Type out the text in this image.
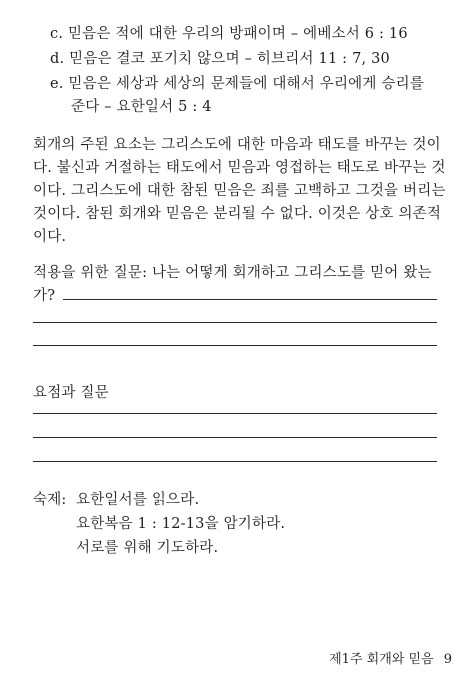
c. 믿음은 적에 대한 우리의 방패이며 – 에베소서 6 : 16
d. 믿음은 결코 포기치 않으며 – 히브리서 11 : 7, 30
e. 믿음은 세상과 세상의 문제들에 대해서 우리에게 승리를
준다 – 요한일서 5 : 4
회개의 주된 요소는 그리스도에 대한 마음과 태도를 바꾸는 것이
다. 불신과 거절하는 태도에서 믿음과 영접하는 태도로 바꾸는 것
이다. 그리스도에 대한 참된 믿음은 죄를 고백하고 그것을 버리는
것이다. 참된 회개와 믿음은 분리될 수 없다. 이것은 상호 의존적
이다.
적용을 위한 질문: 나는 어떻게 회개하고 그리스도를 믿어 왔는
가?
요점과 질문
숙제: 요한일서를 읽으라.
요한복음 1 : 12-13을 암기하라.
서로를 위해 기도하라.
제1주 회개와 믿음 9
